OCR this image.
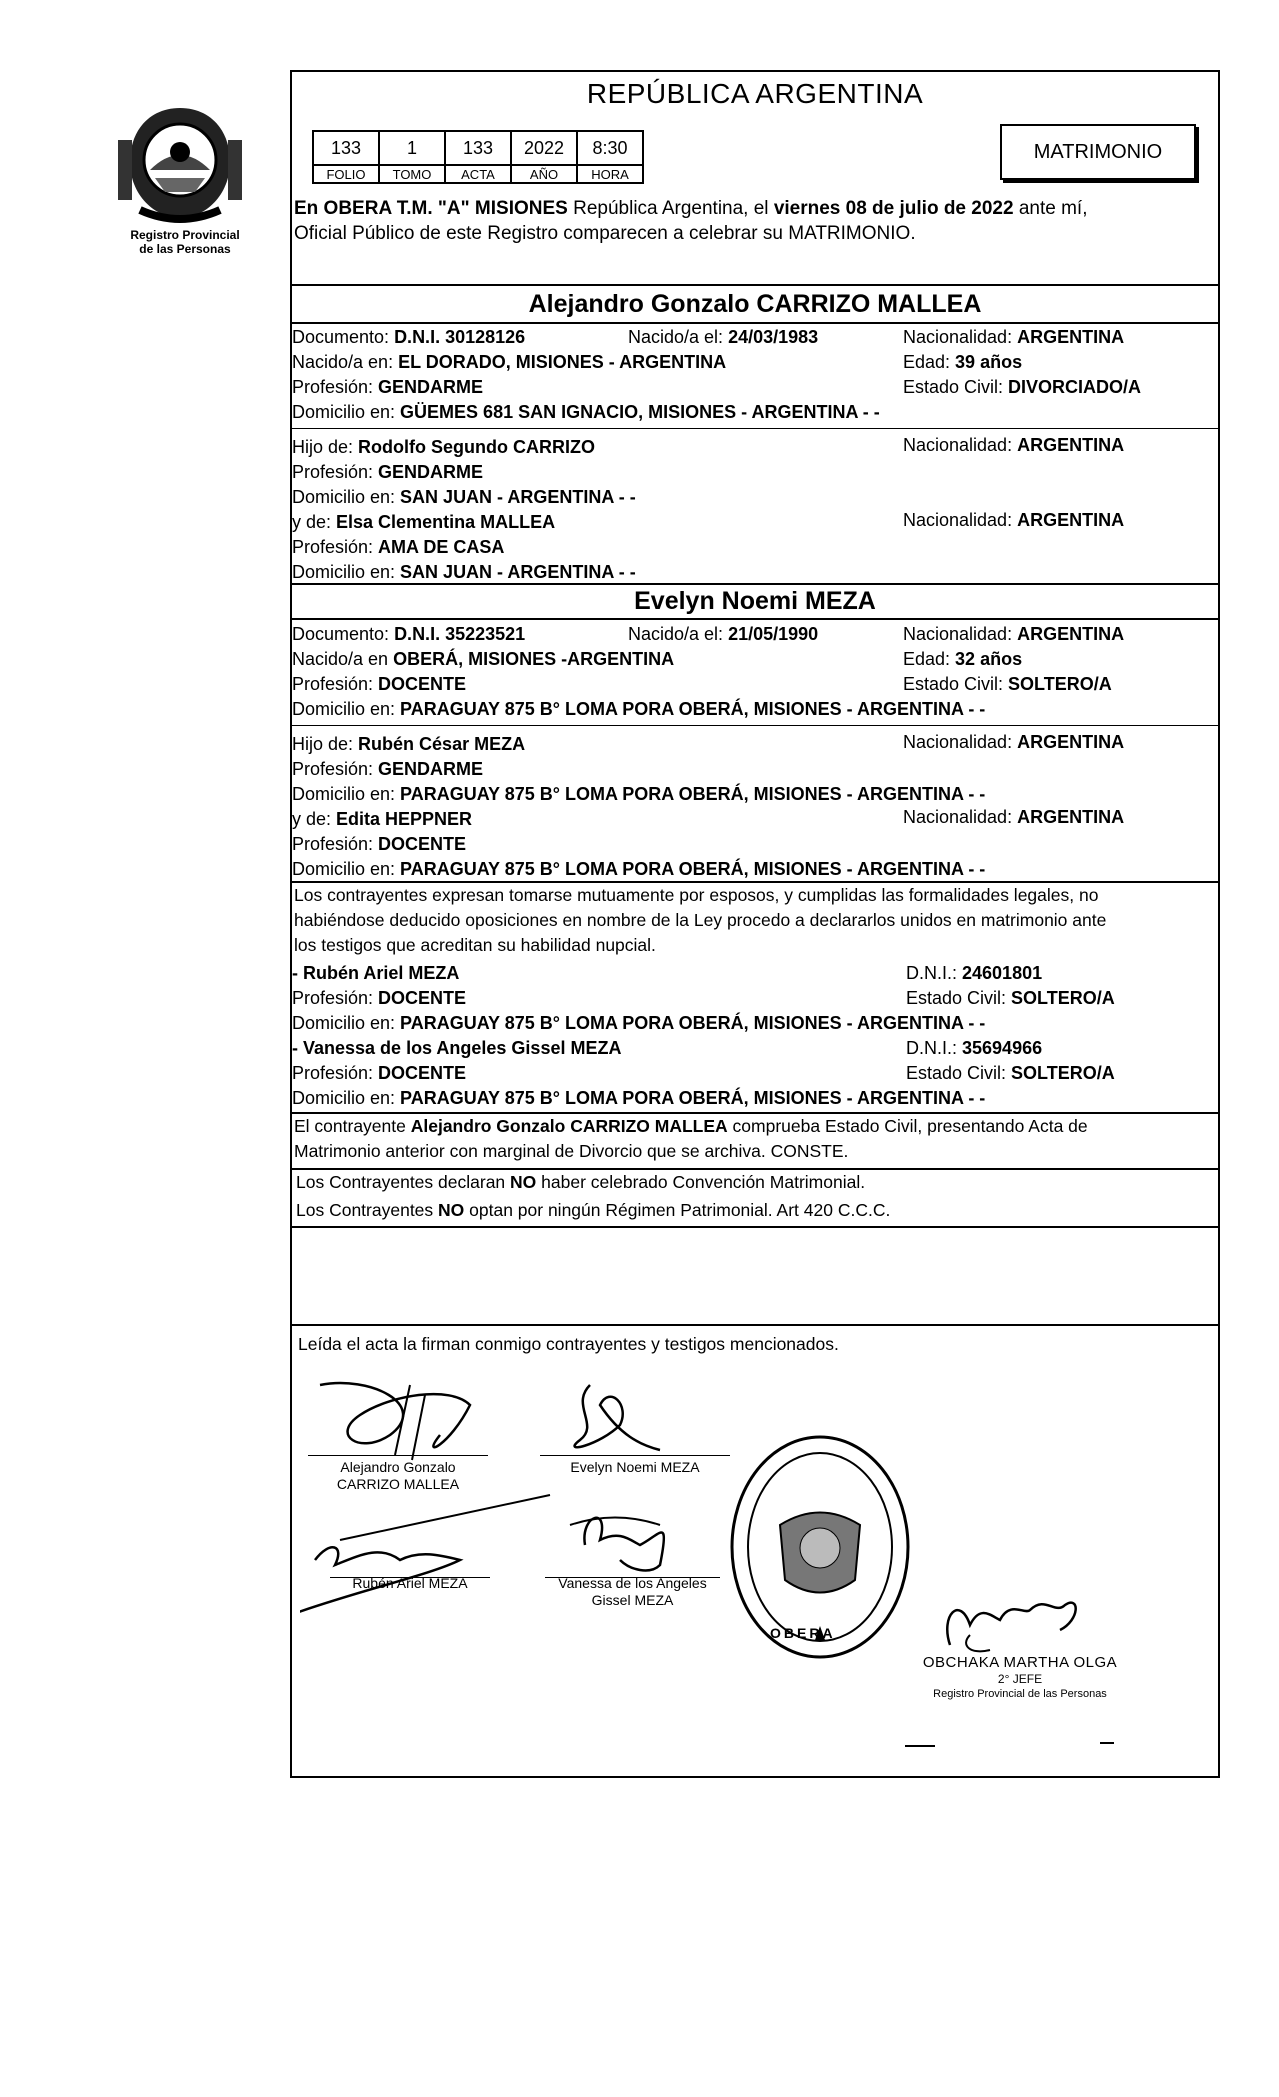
Registro Provincial
de las Personas
REPÚBLICA ARGENTINA
133	1	133	2022	8:30
FOLIO	TOMO	ACTA	AÑO	HORA
MATRIMONIO
En OBERA T.M. "A" MISIONES República Argentina, el viernes 08 de julio de 2022 ante mí,
Oficial Público de este Registro comparecen a celebrar su MATRIMONIO.
Alejandro Gonzalo CARRIZO MALLEA
Documento: D.N.I. 30128126	Nacido/a el: 24/03/1983	Nacionalidad: ARGENTINA
Nacido/a en: EL DORADO, MISIONES - ARGENTINA	Edad: 39 años
Profesión: GENDARME	Estado Civil: DIVORCIADO/A
Domicilio en: GÜEMES 681 SAN IGNACIO, MISIONES - ARGENTINA - -
Hijo de: Rodolfo Segundo CARRIZO	Nacionalidad: ARGENTINA
Profesión: GENDARME
Domicilio en: SAN JUAN - ARGENTINA - -
y de: Elsa Clementina MALLEA	Nacionalidad: ARGENTINA
Profesión: AMA DE CASA
Domicilio en: SAN JUAN - ARGENTINA - -
Evelyn Noemi MEZA
Documento: D.N.I. 35223521	Nacido/a el: 21/05/1990	Nacionalidad: ARGENTINA
Nacido/a en OBERÁ, MISIONES -ARGENTINA	Edad: 32 años
Profesión: DOCENTE	Estado Civil: SOLTERO/A
Domicilio en: PARAGUAY 875 B° LOMA PORA OBERÁ, MISIONES - ARGENTINA - -
Hijo de: Rubén César MEZA	Nacionalidad: ARGENTINA
Profesión: GENDARME
Domicilio en: PARAGUAY 875 B° LOMA PORA OBERÁ, MISIONES - ARGENTINA - -
y de: Edita HEPPNER	Nacionalidad: ARGENTINA
Profesión: DOCENTE
Domicilio en: PARAGUAY 875 B° LOMA PORA OBERÁ, MISIONES - ARGENTINA - -
Los contrayentes expresan tomarse mutuamente por esposos, y cumplidas las formalidades legales, no
habiéndose deducido oposiciones en nombre de la Ley procedo a declararlos unidos en matrimonio ante
los testigos que acreditan su habilidad nupcial.
- Rubén Ariel MEZA	D.N.I.: 24601801
Profesión: DOCENTE	Estado Civil: SOLTERO/A
Domicilio en: PARAGUAY 875 B° LOMA PORA OBERÁ, MISIONES - ARGENTINA - -
- Vanessa de los Angeles Gissel MEZA	D.N.I.: 35694966
Profesión: DOCENTE	Estado Civil: SOLTERO/A
Domicilio en: PARAGUAY 875 B° LOMA PORA OBERÁ, MISIONES - ARGENTINA - -
El contrayente Alejandro Gonzalo CARRIZO MALLEA comprueba Estado Civil, presentando Acta de
Matrimonio anterior con marginal de Divorcio que se archiva. CONSTE.
Los Contrayentes declaran NO haber celebrado Convención Matrimonial.
Los Contrayentes NO optan por ningún Régimen Patrimonial. Art 420 C.C.C.
Leída el acta la firman conmigo contrayentes y testigos mencionados.
Alejandro Gonzalo
CARRIZO MALLEA
Evelyn Noemi MEZA
Rubén Ariel MEZA	Vanessa de los Angeles
Gissel MEZA
OBERA
OBCHAKA MARTHA OLGA
2° JEFE
Registro Provincial de las Personas
